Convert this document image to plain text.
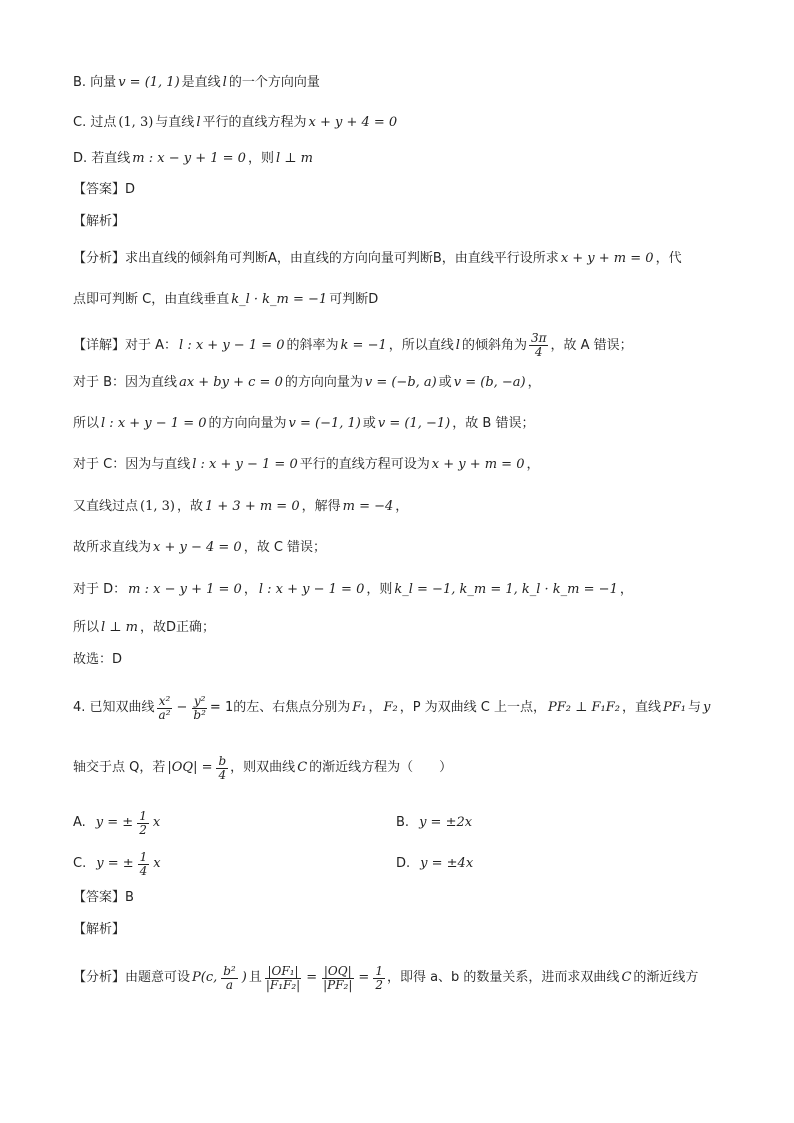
B. 向量 v = (1, 1) 是直线 l 的一个方向向量
C. 过点 (1, 3) 与直线 l 平行的直线方程为 x + y + 4 = 0
D. 若直线 m : x − y + 1 = 0 ，则 l ⊥ m
【答案】D
【解析】
【分析】求出直线的倾斜角可判断A，由直线的方向向量可判断B，由直线平行设所求 x + y + m = 0 ，代
点即可判断 C，由直线垂直 k_l · k_m = −1 可判断D
【详解】对于 A： l : x + y − 1 = 0 的斜率为 k = −1 ，所以直线 l 的倾斜角为 $\frac{3\pi}{4}$ ，故 A 错误；
对于 B：因为直线 ax + by + c = 0 的方向向量为 v = (−b, a) 或 v = (b, −a) ，
所以 l : x + y − 1 = 0 的方向向量为 v = (−1, 1) 或 v = (1, −1) ，故 B 错误；
对于 C：因为与直线 l : x + y − 1 = 0 平行的直线方程可设为 x + y + m = 0 ，
又直线过点 (1, 3) ，故 1 + 3 + m = 0 ，解得 m = −4 ，
故所求直线为 x + y − 4 = 0 ，故 C 错误；
对于 D： m : x − y + 1 = 0 ， l : x + y − 1 = 0 ，则 k_l = −1, k_m = 1, k_l · k_m = −1 ，
所以 l ⊥ m ，故D正确；
故选：D
4. 已知双曲线 $\frac{\text{x²}}{\text{a²}} - \frac{\text{y²}}{\text{b²}} = 1$的左、右焦点分别为 F₁ ， F₂ ，P 为双曲线 C 上一点， PF₂ ⊥ F₁F₂ ，直线 PF₁ 与 y
轴交于点 Q，若 $|OQ| = \frac{b}{4}$ ，则双曲线 C 的渐近线方程为（　　）
A. y = ± $\frac{1}{2}$ x	B. y = ±2x
C. y = ± $\frac{1}{4}$ x	D. y = ±4x
【答案】B
【解析】
【分析】由题意可设 P(c, $\frac{\text{b²}}{a}$ ) 且 $\frac{\text{|OF₁|}}{\text{|F₁F₂|}} = \frac{|OQ|}{\text{|PF₂|}} = \frac{1}{2}$ ，即得 a、b 的数量关系，进而求双曲线 C 的渐近线方
